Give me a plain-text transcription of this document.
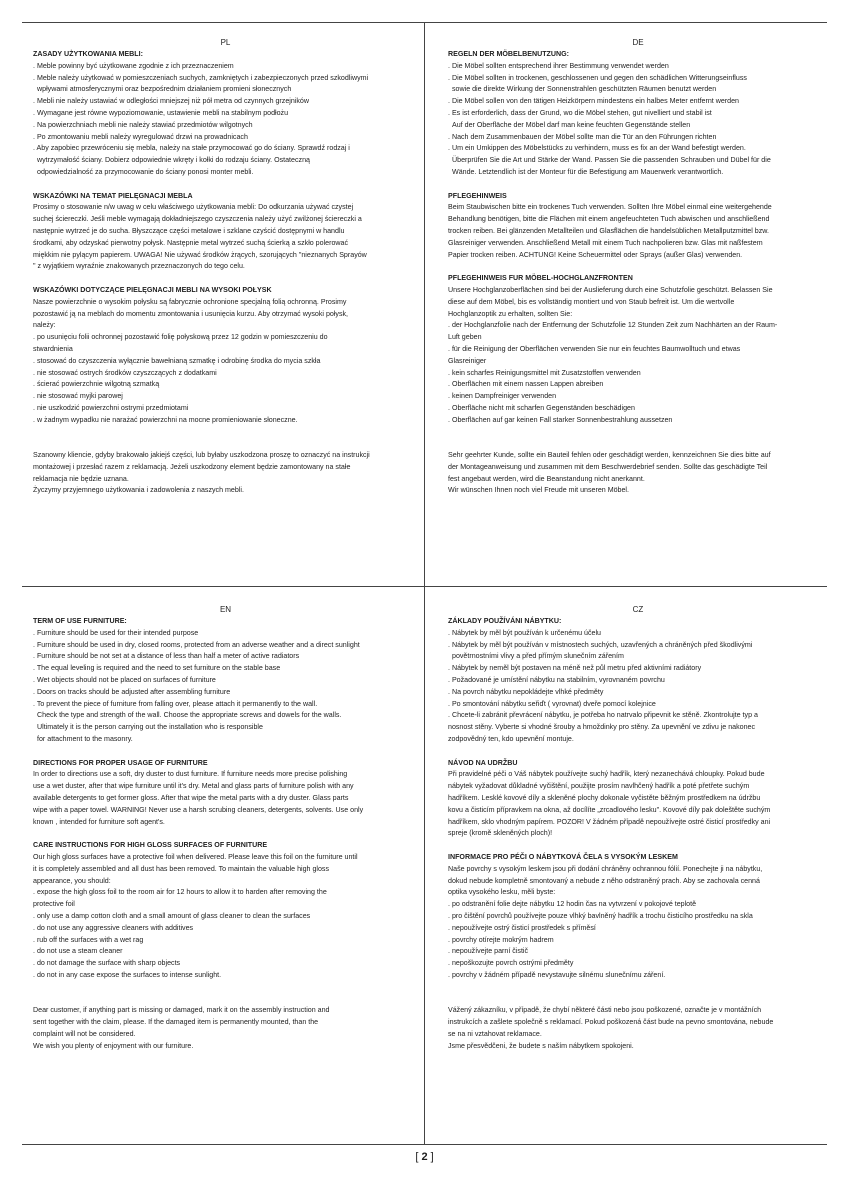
PL
ZASADY UŻYTKOWANIA MEBLI:
. Meble powinny być użytkowane zgodnie z ich przeznaczeniem
. Meble należy użytkować w pomieszczeniach suchych, zamkniętych i zabezpieczonych przed szkodliwymi
wpływami atmosferycznymi oraz bezpośrednim działaniem promieni słonecznych
. Mebli nie należy ustawiać w odległości mniejszej niż pół metra od czynnych grzejników
. Wymagane jest równe wypoziomowanie, ustawienie mebli na stabilnym podłożu
. Na powierzchniach mebli nie należy stawiać przedmiotów wilgotnych
. Po zmontowaniu mebli należy wyregulować drzwi na prowadnicach
. Aby zapobiec przewróceniu się mebla, należy na stałe przymocować go do ściany. Sprawdź rodzaj i
wytrzymałość ściany. Dobierz odpowiednie wkręty i kołki do rodzaju ściany. Ostateczną
odpowiedzialność za przymocowanie do ściany ponosi monter mebli.
WSKAZÓWKI NA TEMAT PIELĘGNACJI MEBLA
Prosimy o stosowanie n/w uwag w celu właściwego użytkowania mebli: Do odkurzania używać czystej
suchej ściereczki. Jeśli meble wymagają dokładniejszego czyszczenia należy użyć zwilżonej ściereczki a
następnie wytrzeć je do sucha. Błyszczące części metalowe i szklane czyścić dostępnymi w handlu
środkami, aby odzyskać pierwotny połysk. Następnie metal wytrzeć suchą ścierką a szkło polerować
miękkim nie pylącym papierem. UWAGA! Nie używać środków żrących, szorujących "nieznanych Sprayów
" z wyjątkiem wyraźnie znakowanych przeznaczonych do tego celu.
WSKAZÓWKI DOTYCZĄCE PIELĘGNACJI MEBLI NA WYSOKI POŁYSK
Nasze powierzchnie o wysokim połysku są fabrycznie ochronione specjalną folią ochronną. Prosimy
pozostawić ją na meblach do momentu zmontowania i usunięcia kurzu. Aby otrzymać wysoki połysk,
należy:
. po usunięciu folii ochronnej pozostawić folię połyskową przez 12 godzin w pomieszczeniu do
stwardnienia
. stosować do czyszczenia wyłącznie bawełnianą szmatkę i odrobinę środka do mycia szkła
. nie stosować ostrych środków czyszczących z dodatkami
. ścierać powierzchnie wilgotną szmatką
. nie stosować myjki parowej
. nie uszkodzić powierzchni ostrymi przedmiotami
. w żadnym wypadku nie narażać powierzchni na mocne promieniowanie słoneczne.
Szanowny kliencie, gdyby brakowało jakiejś części, lub byłaby uszkodzona proszę to oznaczyć na instrukcji
montażowej i przesłać razem z reklamacją. Jeżeli uszkodzony element będzie zamontowany na stałe
reklamacja nie będzie uznana.
Życzymy przyjemnego użytkowania i zadowolenia z naszych mebli.
DE
REGELN DER MÖBELBENUTZUNG:
. Die Möbel sollten entsprechend ihrer Bestimmung verwendet werden
. Die Möbel sollten in trockenen, geschlossenen und gegen den schädlichen Witterungseinfluss
sowie die direkte Wirkung der Sonnenstrahlen geschützten Räumen benutzt werden
. Die Möbel sollen von den tätigen Heizkörpern mindestens ein halbes Meter entfernt werden
. Es ist erforderlich, dass der Grund, wo die Möbel stehen, gut nivelliert und stabil ist
Auf der Oberfläche der Möbel darf man keine feuchten Gegenstände stellen
. Nach dem Zusammenbauen der Möbel sollte man die Tür an den Führungen richten
. Um ein Umkippen des Möbelstücks zu verhindern, muss es fix an der Wand befestigt werden.
Überprüfen Sie die Art und Stärke der Wand. Passen Sie die passenden Schrauben und Dübel für die
Wände. Letztendlich ist der Monteur für die Befestigung am Mauerwerk verantwortlich.
PFLEGEHINWEIS
Beim Staubwischen bitte ein trockenes Tuch verwenden. Sollten Ihre Möbel einmal eine weitergehende
Behandlung benötigen, bitte die Flächen mit einem angefeuchteten Tuch abwischen und anschließend
trocken reiben. Bei glänzenden Metallteilen und Glasflächen die handelsüblichen Metallputzmittel bzw.
Glasreiniger verwenden. Anschließend Metall mit einem Tuch nachpolieren bzw. Glas mit naßfestem
Papier trocken reiben. ACHTUNG! Keine Scheuermittel oder Sprays (außer Glas) verwenden.
PFLEGEHINWEIS FUR MÖBEL-HOCHGLANZFRONTEN
Unsere Hochglanzoberflächen sind bei der Auslieferung durch eine Schutzfolie geschützt. Belassen Sie
diese auf dem Möbel, bis es vollständig montiert und von Staub befreit ist. Um die wertvolle
Hochglanzoptik zu erhalten, sollten Sie:
. der Hochglanzfolie nach der Entfernung der Schutzfolie 12 Stunden Zeit zum Nachhärten an der Raum-
Luft geben
. für die Reinigung der Oberflächen verwenden Sie nur ein feuchtes Baumwolltuch und etwas
Glasreiniger
. kein scharfes Reinigungsmittel mit Zusatzstoffen verwenden
. Oberflächen mit einem nassen Lappen abreiben
. keinen Dampfreiniger verwenden
. Oberfläche nicht mit scharfen Gegenständen beschädigen
. Oberflächen auf gar keinen Fall starker Sonnenbestrahlung aussetzen
Sehr geehrter Kunde, sollte ein Bauteil fehlen oder geschädigt werden, kennzeichnen Sie dies bitte auf
der Montageanweisung und zusammen mit dem Beschwerdebrief senden. Sollte das geschädigte Teil
fest angebaut werden, wird die Beanstandung nicht anerkannt.
Wir wünschen Ihnen noch viel Freude mit unseren Möbel.
EN
TERM OF USE FURNITURE:
. Furniture should be used for their intended purpose
. Furniture should be used in dry, closed rooms, protected from an adverse weather and a direct sunlight
. Furniture should be not set at a distance of less than half a meter of active radiators
. The equal leveling is required and the need to set furniture on the stable base
. Wet objects should not be placed on surfaces of furniture
. Doors on tracks should be adjusted after assembling furniture
. To prevent the piece of furniture from falling over, please attach it permanently to the wall.
Check the type and strength of the wall. Choose the appropriate screws and dowels for the walls.
Ultimately it is the person carrying out the installation who is responsible
for attachment to the masonry.
DIRECTIONS FOR PROPER USAGE OF FURNITURE
In order to directions use a soft, dry duster to dust furniture. If furniture needs more precise polishing
use a wet duster, after that wipe furniture until it's dry. Metal and glass parts of furniture polish with any
available detergents to get former gloss. After that wipe the metal parts with a dry duster. Glass parts
wipe with a paper towel. WARNING! Never use a harsh scrubing cleaners, detergents, solvents. Use only
known , intended for furniture soft agent's.
CARE INSTRUCTIONS FOR HIGH GLOSS SURFACES OF FURNITURE
Our high gloss surfaces have a protective foil when delivered. Please leave this foil on the furniture until
it is completely assembled and all dust has been removed. To maintain the valuable high gloss
appearance, you should:
. expose the high gloss foil to the room air for 12 hours to allow it to harden after removing the
protective foil
. only use a damp cotton cloth and a small amount of glass cleaner to clean the surfaces
. do not use any aggressive cleaners with additives
. rub off the surfaces with a wet rag
. do not use a steam cleaner
. do not damage the surface with sharp objects
. do not in any case expose the surfaces to intense sunlight.
Dear customer, if anything part is missing or damaged, mark it on the assembly instruction and
sent together with the claim, please. If the damaged item is permanently mounted, than the
complaint will not be considered.
We wish you plenty of enjoyment with our furniture.
CZ
ZÁKLADY POUŽÍVÁNI NÁBYTKU:
. Nábytek by měl být používán k určenému účelu
. Nábytek by měl být používán v místnostech suchých, uzavřených a chráněných před škodlivými
povětrnostními vlivy a před přímým slunečním zářením
. Nábytek by neměl být postaven na méně než půl metru před aktivními radiátory
. Požadované je umístění nábytku na stabilním, vyrovnaném povrchu
. Na povrch nábytku nepokládejte vlhké předměty
. Po smontování nábytku seřiďt ( vyrovnat) dveře pomocí kolejnice
. Chcete-li zabránit převrácení nábytku, je potřeba ho natrvalo připevnit ke stěně. Zkontrolujte typ a
nosnost stěny. Vyberte si vhodné šrouby a hmoždinky pro stěny. Za upevnění ve zdivu je nakonec
zodpovědný ten, kdo upevnění montuje.
NÁVOD NA UDRŽBU
Při pravidelné péči o Váš nábytek používejte suchý hadřík, který nezanechává chloupky. Pokud bude
nábytek vyžadovat důkladné vyčištění, použijte prosím navlhčený hadřík a poté přetřete suchým
hadříkem. Lesklé kovové díly a skleněné plochy dokonale vyčistěte běžným prostředkem na údržbu
kovu a čisticím přípravkem na okna, až docílíte „zrcadlového lesku". Kovové díly pak doleštěte suchým
hadříkem, sklo vhodným papírem. POZOR! V žádném případě nepoužívejte ostré čisticí prostředky ani
spreje (kromě skleněných ploch)!
INFORMACE PRO PÉČI O NÁBYTKOVÁ ČELA S VYSOKÝM LESKEM
Naše povrchy s vysokým leskem jsou při dodání chráněny ochrannou fólií. Ponechejte ji na nábytku,
dokud nebude kompletně smontovaný a nebude z něho odstraněný prach. Aby se zachovala cenná
optika vysokého lesku, měli byste:
. po odstranění folie dejte nábytku 12 hodin čas na vytvrzení v pokojové teplotě
. pro čištění povrchů používejte pouze vlhký bavlněný hadřík a trochu čisticího prostředku na skla
. nepoužívejte ostrý čisticí prostředek s příměsí
. povrchy otírejte mokrým hadrem
. nepoužívejte parní čistič
. nepoškozujte povrch ostrými předměty
. povrchy v žádném případě nevystavujte silnému slunečnímu záření.
Vážený zákazníku, v případě, že chybí některé části nebo jsou poškozené, označte je v montážních
instrukcích a zašlete společně s reklamací. Pokud poškozená část bude na pevno smontována, nebude
se na ni vztahovat reklamace.
Jsme přesvědčeni, že budete s naším nábytkem spokojeni.
[ 2 ]
